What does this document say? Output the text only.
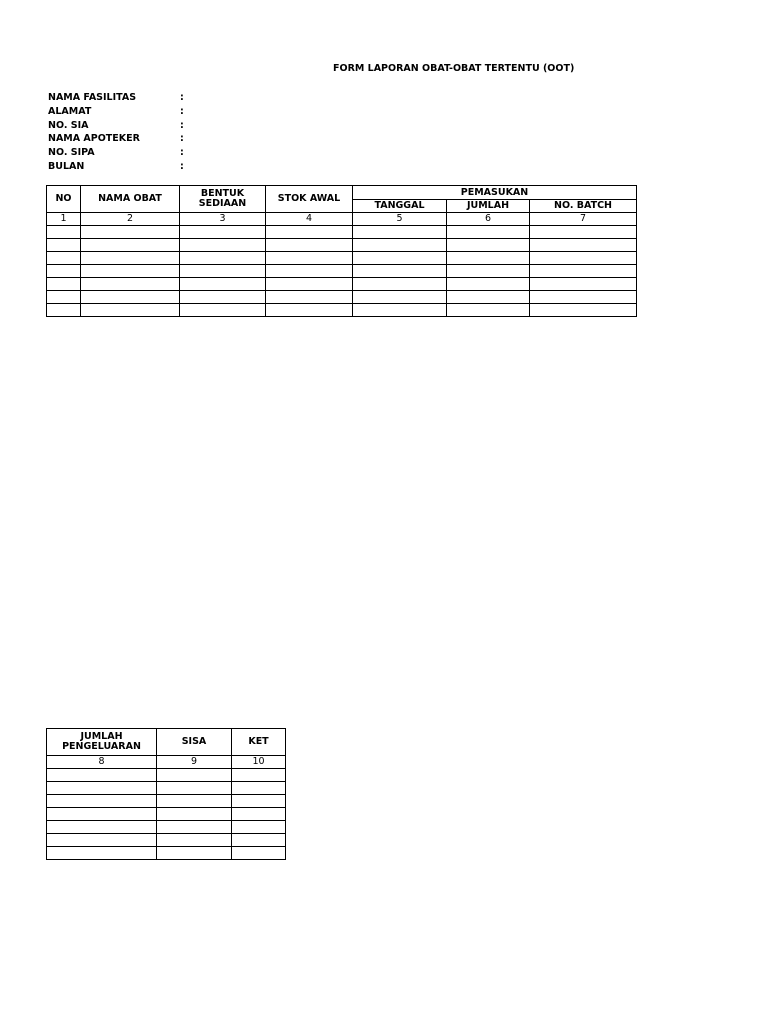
FORM LAPORAN OBAT-OBAT TERTENTU (OOT)
NAMA FASILITAS	:
ALAMAT	:
NO. SIA	:
NAMA APOTEKER	:
NO. SIPA	:
BULAN	:
NO	NAMA OBAT	BENTUK SEDIAAN	STOK AWAL	PEMASUKAN		
				TANGGAL	JUMLAH	NO. BATCH
1	2	3	4	5	6	7

JUMLAH PENGELUARAN	SISA	KET
8	9	10
